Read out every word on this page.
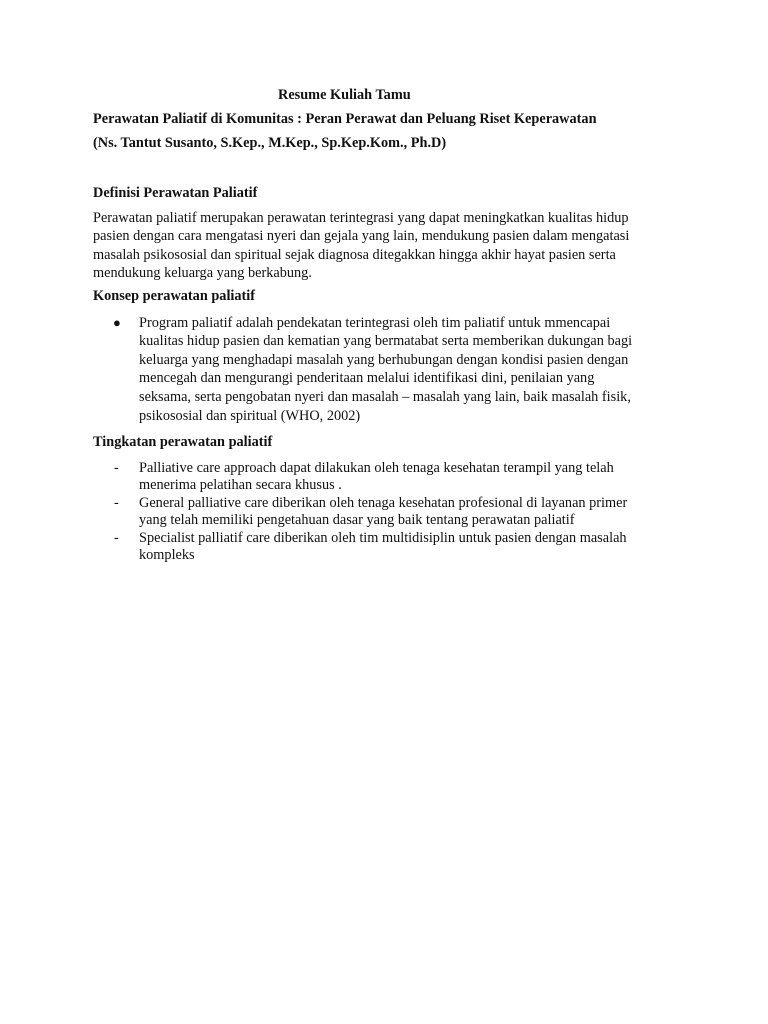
Resume Kuliah Tamu

Perawatan Paliatif di Komunitas : Peran Perawat dan Peluang Riset Keperawatan

(Ns. Tantut Susanto, S.Kep., M.Kep., Sp.Kep.Kom., Ph.D)

Definisi Perawatan Paliatif

Perawatan paliatif merupakan perawatan terintegrasi yang dapat meningkatkan kualitas hidup
pasien dengan cara mengatasi nyeri dan gejala yang lain, mendukung pasien dalam mengatasi
masalah psikososial dan spiritual sejak diagnosa ditegakkan hingga akhir hayat pasien serta
mendukung keluarga yang berkabung.

Konsep perawatan paliatif

● Program paliatif adalah pendekatan terintegrasi oleh tim paliatif untuk mmencapai
kualitas hidup pasien dan kematian yang bermatabat serta memberikan dukungan bagi
keluarga yang menghadapi masalah yang berhubungan dengan kondisi pasien dengan
mencegah dan mengurangi penderitaan melalui identifikasi dini, penilaian yang
seksama, serta pengobatan nyeri dan masalah – masalah yang lain, baik masalah fisik,
psikososial dan spiritual (WHO, 2002)

Tingkatan perawatan paliatif

- Palliative care approach dapat dilakukan oleh tenaga kesehatan terampil yang telah
menerima pelatihan secara khusus .
- General palliative care diberikan oleh tenaga kesehatan profesional di layanan primer
yang telah memiliki pengetahuan dasar yang baik tentang perawatan paliatif
- Specialist palliatif care diberikan oleh tim multidisiplin untuk pasien dengan masalah
kompleks
